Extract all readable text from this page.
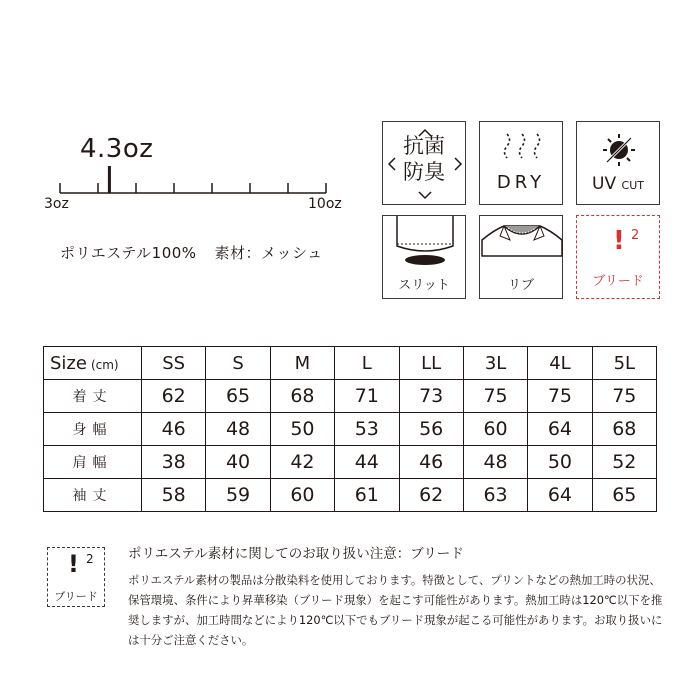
4.3oz
3oz	10oz
ポリエステル100% 素材：メッシュ
抗菌
防臭	DRY	UV CUT
スリット	リブ
! 2
ブリード
Size (cm)	SS	S	M	L	LL	3L	4L	5L
着丈	62	65	68	71	73	75	75	75
身幅	46	48	50	53	56	60	64	68
肩幅	38	40	42	44	46	48	50	52
袖丈	58	59	60	61	62	63	64	65
! 2
ブリード
ポリエステル素材に関してのお取り扱い注意：ブリード
ポリエステル素材の製品は分散染料を使用しております。特徴として、プリントなどの熱加工時の状況、保管環境、条件により昇華移染（ブリード現象）を起こす可能性があります。熱加工時は120℃以下を推奨しますが、加工時間などにより120℃以下でもブリード現象が起こる可能性があります。お取り扱いには十分ご注意ください。
